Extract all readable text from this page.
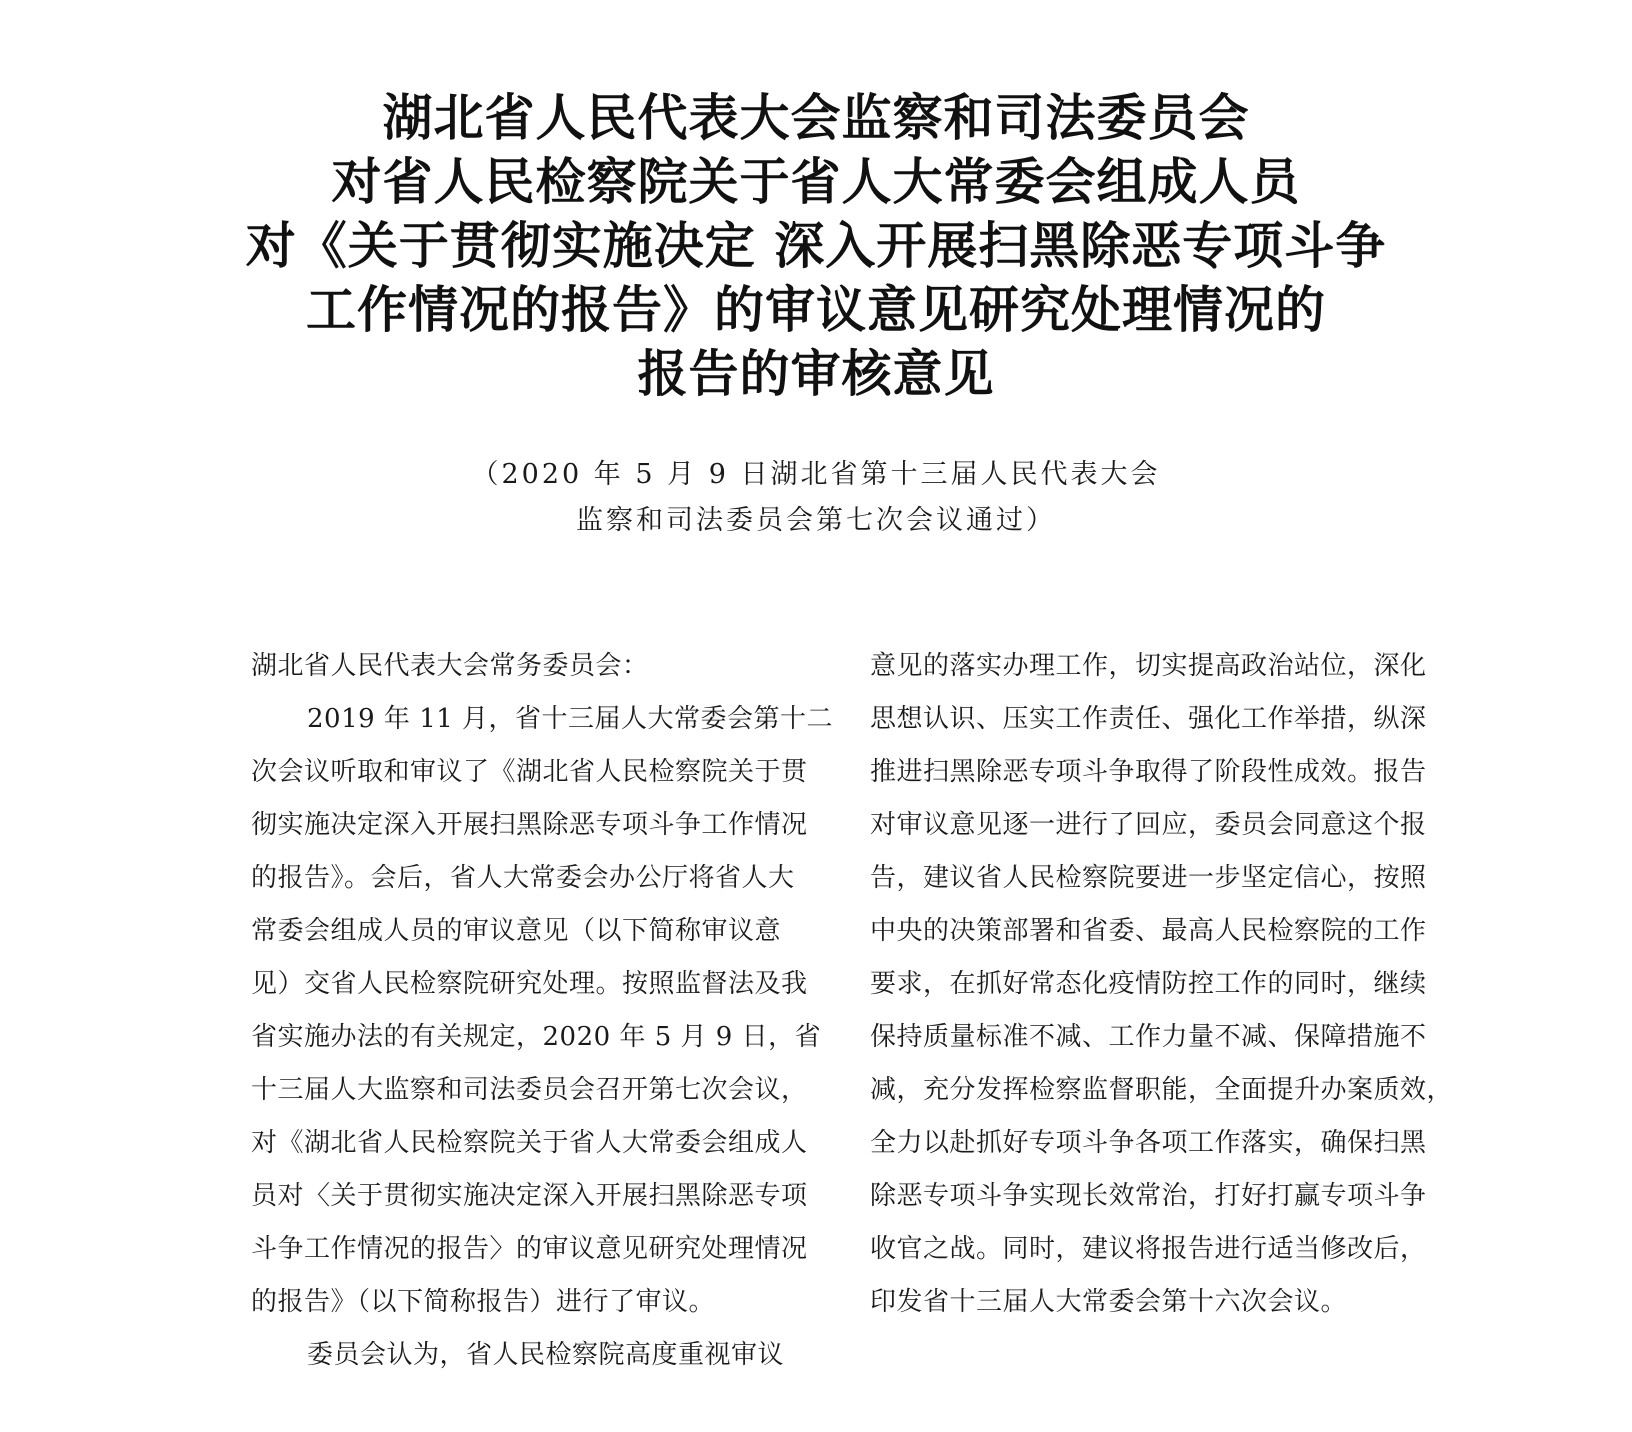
湖北省人民代表大会监察和司法委员会
对省人民检察院关于省人大常委会组成人员
对《关于贯彻实施决定 深入开展扫黑除恶专项斗争
工作情况的报告》的审议意见研究处理情况的
报告的审核意见
（2020 年 5 月 9 日湖北省第十三届人民代表大会
监察和司法委员会第七次会议通过）
湖北省人民代表大会常务委员会：
2019 年 11 月，省十三届人大常委会第十二
次会议听取和审议了《湖北省人民检察院关于贯
彻实施决定深入开展扫黑除恶专项斗争工作情况
的报告》。会后，省人大常委会办公厅将省人大
常委会组成人员的审议意见（以下简称审议意
见）交省人民检察院研究处理。按照监督法及我
省实施办法的有关规定，2020 年 5 月 9 日，省
十三届人大监察和司法委员会召开第七次会议，
对《湖北省人民检察院关于省人大常委会组成人
员对〈关于贯彻实施决定深入开展扫黑除恶专项
斗争工作情况的报告〉的审议意见研究处理情况
的报告》（以下简称报告）进行了审议。
委员会认为，省人民检察院高度重视审议
意见的落实办理工作，切实提高政治站位，深化
思想认识、压实工作责任、强化工作举措，纵深
推进扫黑除恶专项斗争取得了阶段性成效。报告
对审议意见逐一进行了回应，委员会同意这个报
告，建议省人民检察院要进一步坚定信心，按照
中央的决策部署和省委、最高人民检察院的工作
要求，在抓好常态化疫情防控工作的同时，继续
保持质量标准不减、工作力量不减、保障措施不
减，充分发挥检察监督职能，全面提升办案质效，
全力以赴抓好专项斗争各项工作落实，确保扫黑
除恶专项斗争实现长效常治，打好打赢专项斗争
收官之战。同时，建议将报告进行适当修改后，
印发省十三届人大常委会第十六次会议。
